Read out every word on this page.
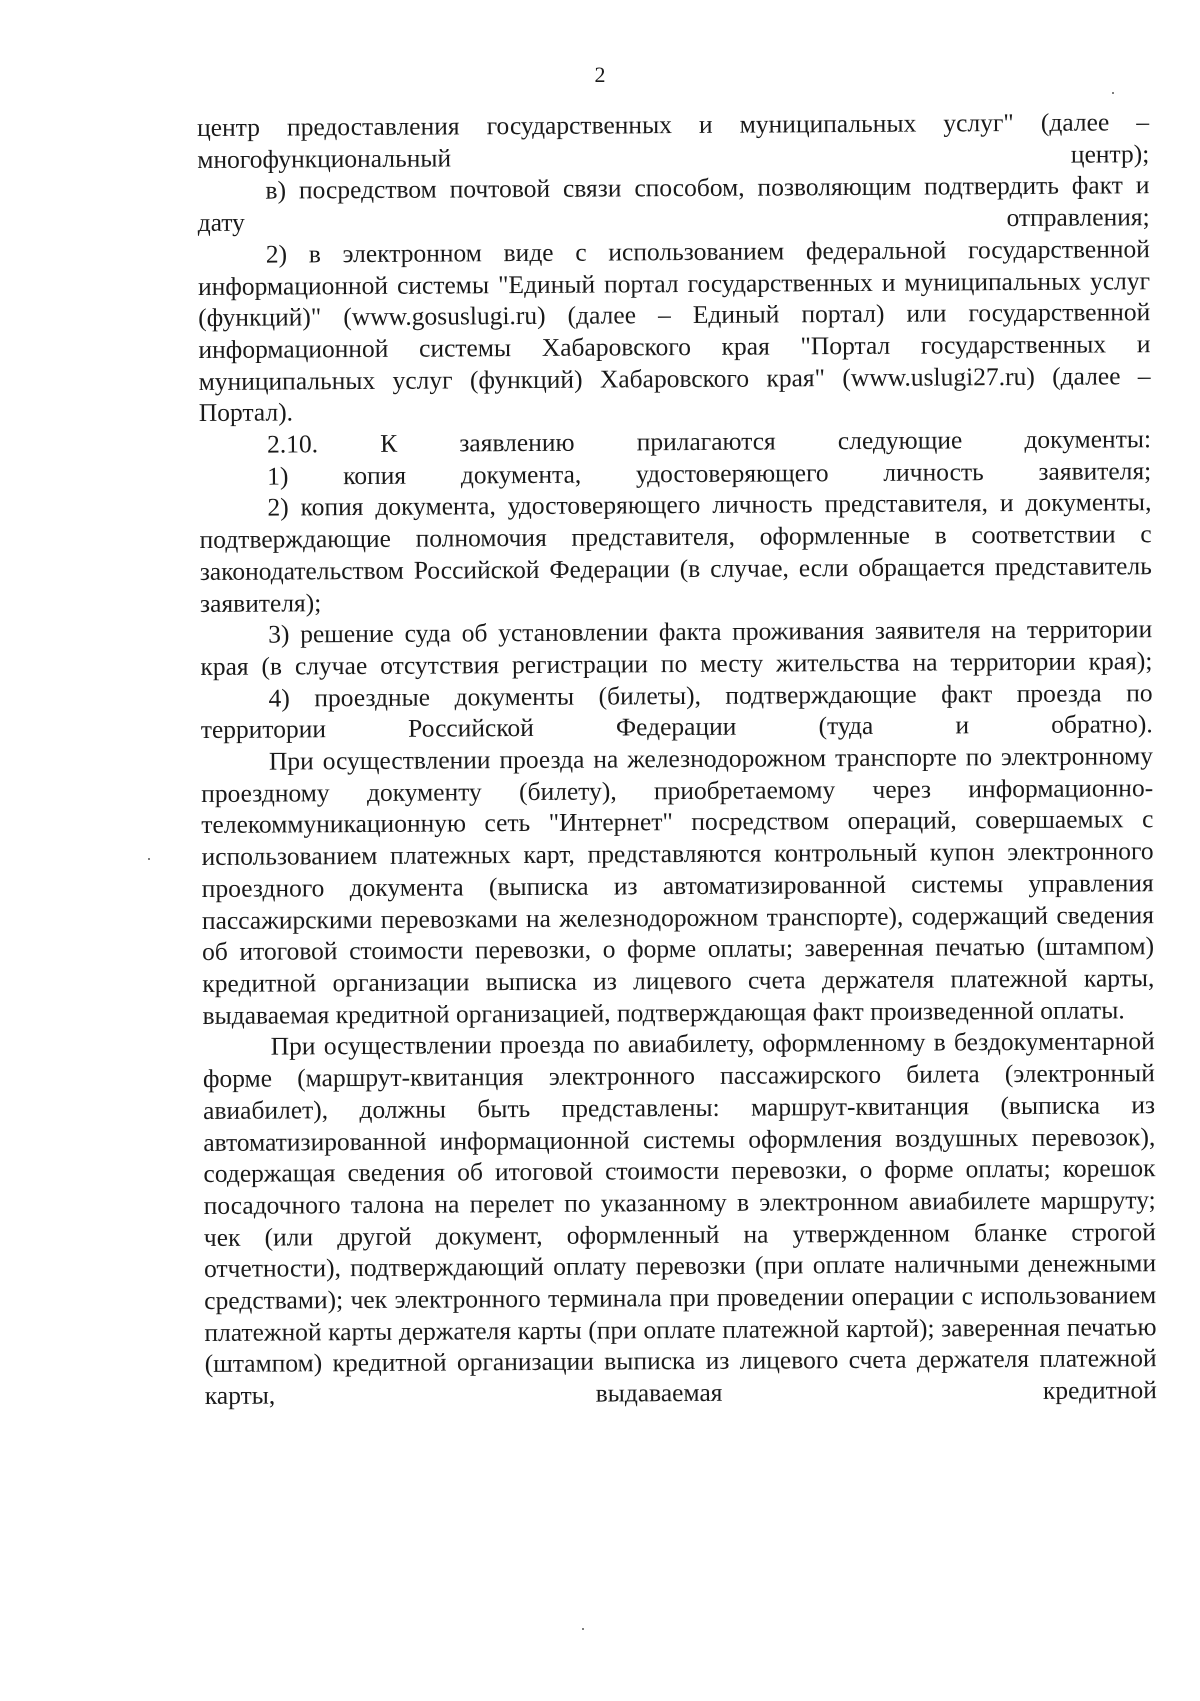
2

центр предоставления государственных и муниципальных услуг" (далее – многофункциональный центр);

в) посредством почтовой связи способом, позволяющим подтвердить факт и дату отправления;

2) в электронном виде с использованием федеральной государственной информационной системы "Единый портал государственных и муниципальных услуг (функций)" (www.gosuslugi.ru) (далее – Единый портал) или государственной информационной системы Хабаровского края "Портал государственных и муниципальных услуг (функций) Хабаровского края" (www.uslugi27.ru) (далее – Портал).

2.10. К заявлению прилагаются следующие документы:

1) копия документа, удостоверяющего личность заявителя;

2) копия документа, удостоверяющего личность представителя, и документы, подтверждающие полномочия представителя, оформленные в соответствии с законодательством Российской Федерации (в случае, если обращается представитель заявителя);

3) решение суда об установлении факта проживания заявителя на территории края (в случае отсутствия регистрации по месту жительства на территории края);

4) проездные документы (билеты), подтверждающие факт проезда по территории Российской Федерации (туда и обратно).

При осуществлении проезда на железнодорожном транспорте по электронному проездному документу (билету), приобретаемому через информационно-телекоммуникационную сеть "Интернет" посредством операций, совершаемых с использованием платежных карт, представляются контрольный купон электронного проездного документа (выписка из автоматизированной системы управления пассажирскими перевозками на железнодорожном транспорте), содержащий сведения об итоговой стоимости перевозки, о форме оплаты; заверенная печатью (штампом) кредитной организации выписка из лицевого счета держателя платежной карты, выдаваемая кредитной организацией, подтверждающая факт произведенной оплаты.

При осуществлении проезда по авиабилету, оформленному в бездокументарной форме (маршрут-квитанция электронного пассажирского билета (электронный авиабилет), должны быть представлены: маршрут-квитанция (выписка из автоматизированной информационной системы оформления воздушных перевозок), содержащая сведения об итоговой стоимости перевозки, о форме оплаты; корешок посадочного талона на перелет по указанному в электронном авиабилете маршруту; чек (или другой документ, оформленный на утвержденном бланке строгой отчетности), подтверждающий оплату перевозки (при оплате наличными денежными средствами); чек электронного терминала при проведении операции с использованием платежной карты держателя карты (при оплате платежной картой); заверенная печатью (штампом) кредитной организации выписка из лицевого счета держателя платежной карты, выдаваемая кредитной
